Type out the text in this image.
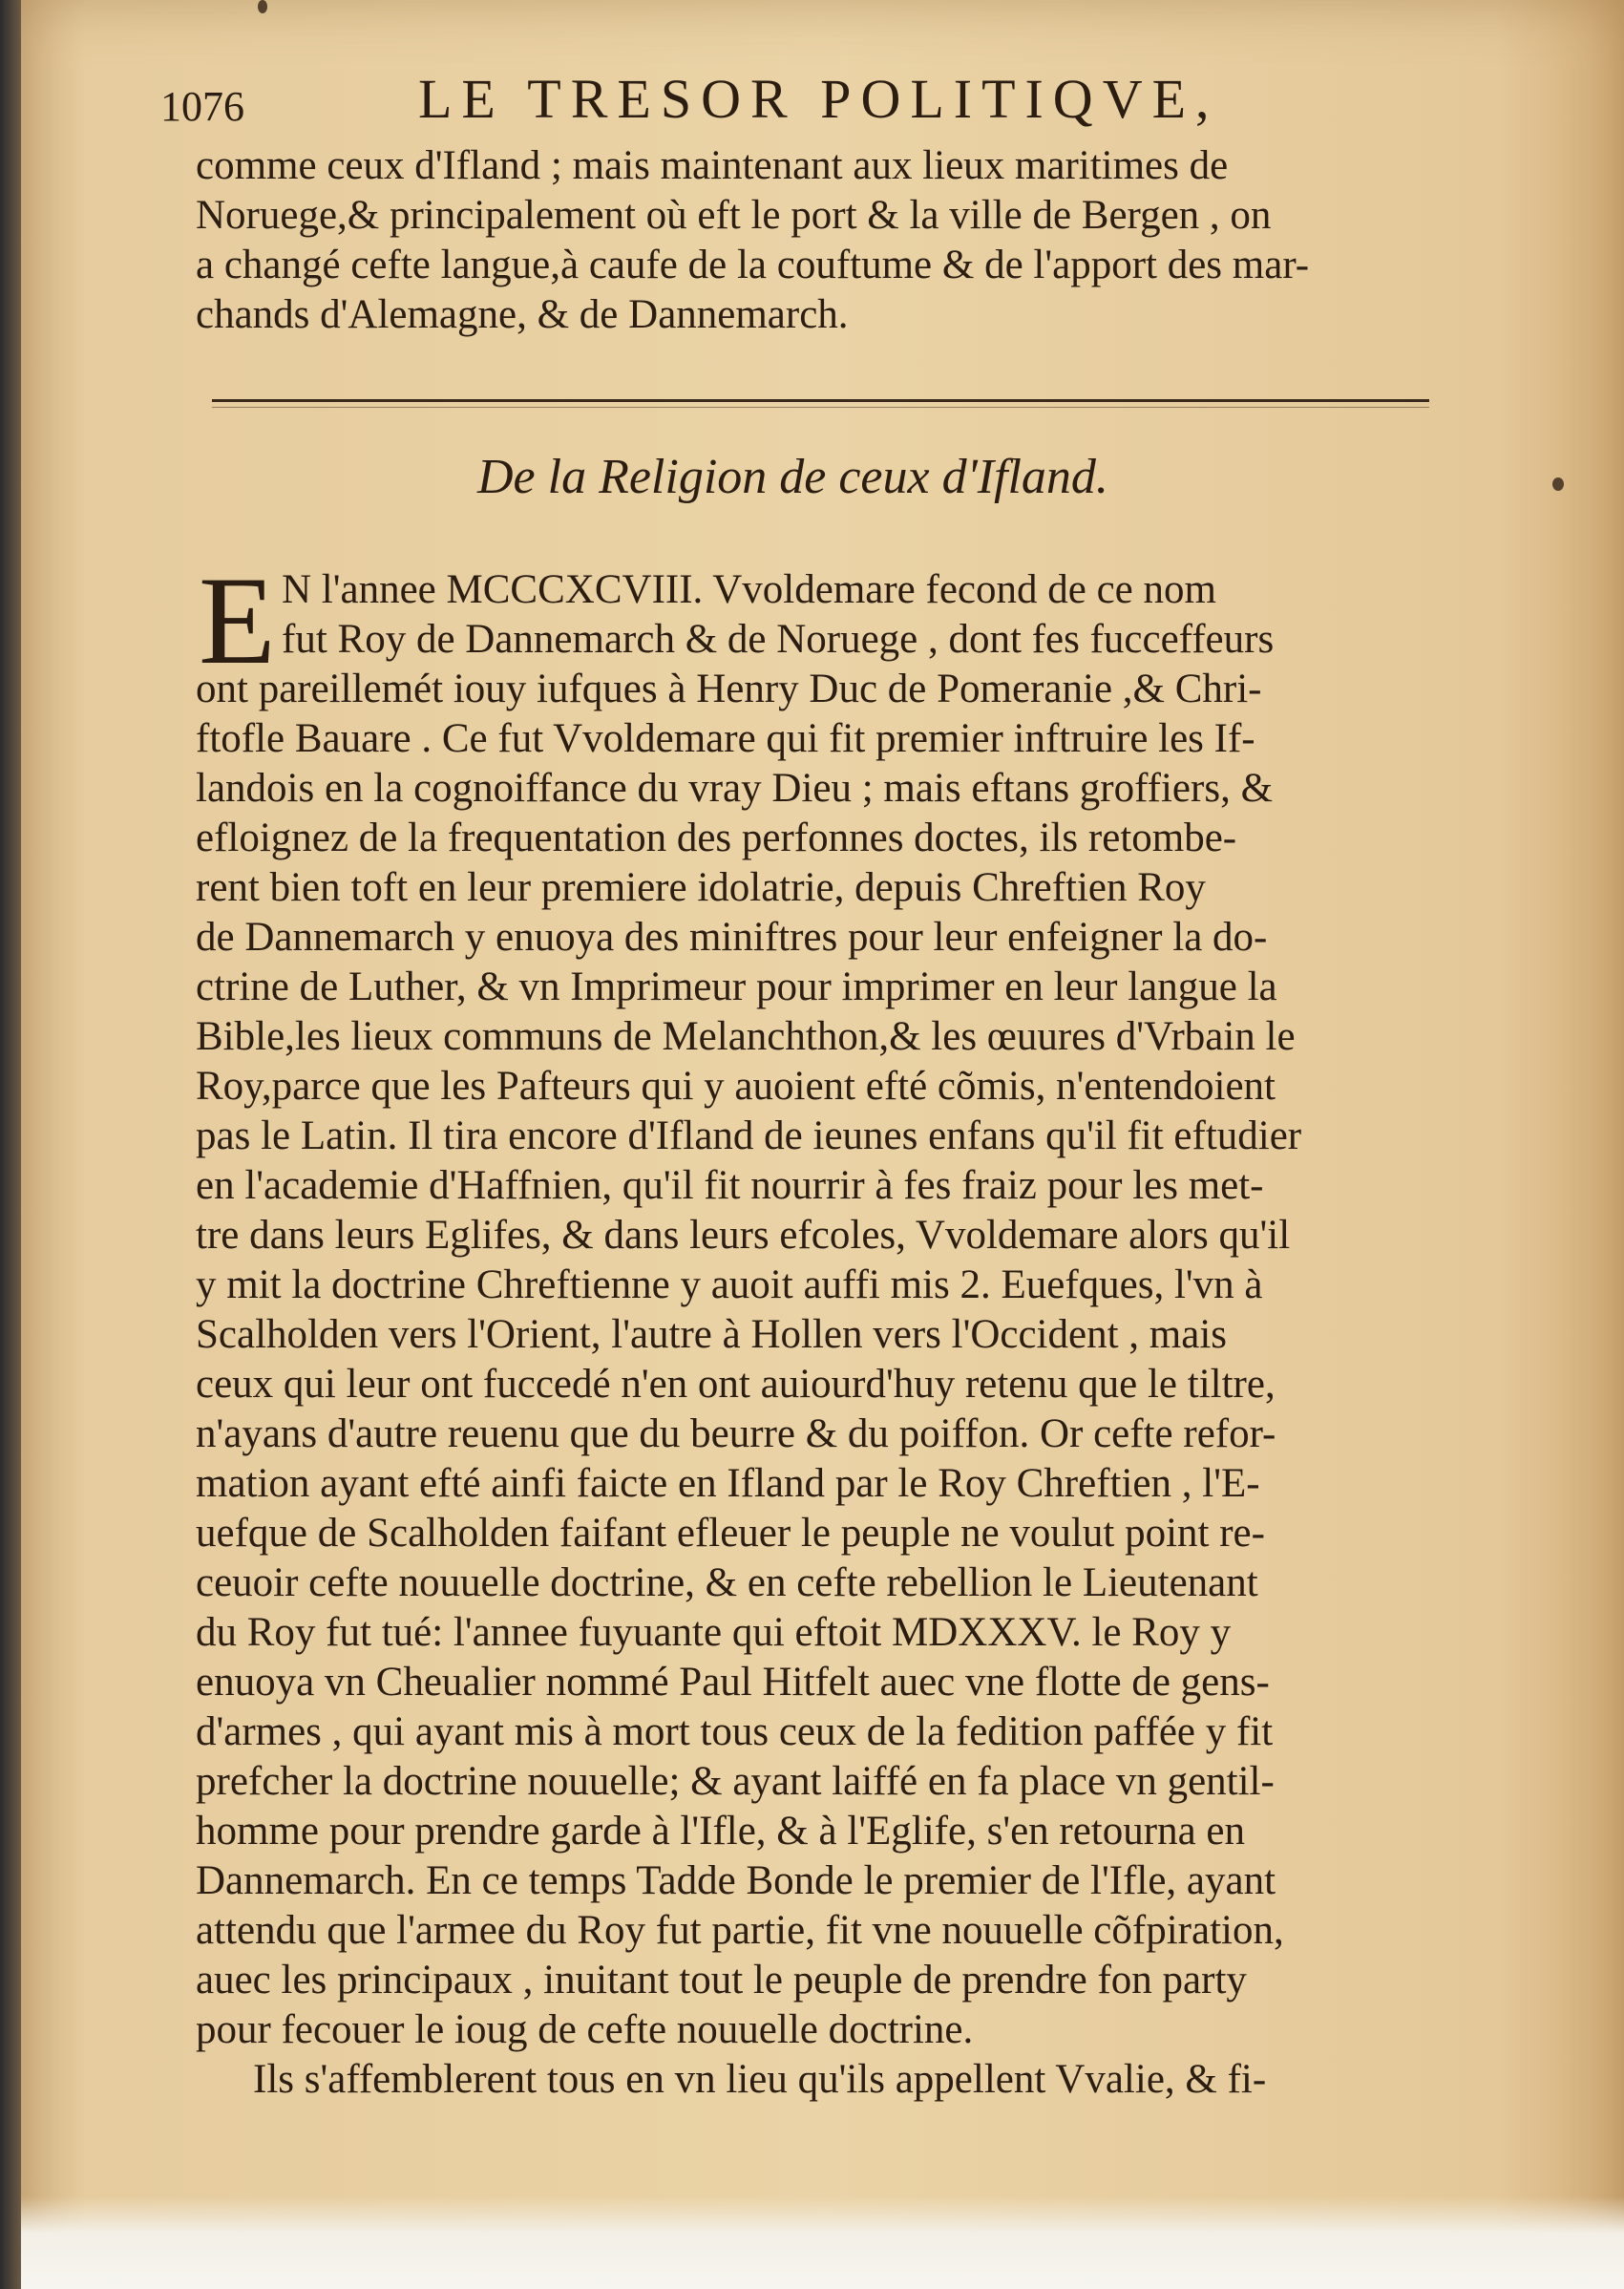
1076	LE TRESOR POLITIQVE,
comme ceux d'Ifland ; mais maintenant aux lieux maritimes de
Noruege,& principalement où eft le port & la ville de Bergen , on
a changé cefte langue,à caufe de la couftume & de l'apport des mar-
chands d'Alemagne, & de Dannemarch.
De la Religion de ceux d'Ifland.
E N l'annee MCCCXCVIII. Vvoldemare fecond de ce nom
fut Roy de Dannemarch & de Noruege , dont fes fucceffeurs
ont pareillemét iouy iufques à Henry Duc de Pomeranie ,& Chri-
ftofle Bauare . Ce fut Vvoldemare qui fit premier inftruire les If-
landois en la cognoiffance du vray Dieu ; mais eftans groffiers, &
efloignez de la frequentation des perfonnes doctes, ils retombe-
rent bien toft en leur premiere idolatrie, depuis Chreftien Roy
de Dannemarch y enuoya des miniftres pour leur enfeigner la do-
ctrine de Luther, & vn Imprimeur pour imprimer en leur langue la
Bible,les lieux communs de Melanchthon,& les œuures d'Vrbain le
Roy,parce que les Pafteurs qui y auoient efté cõmis, n'entendoient
pas le Latin. Il tira encore d'Ifland de ieunes enfans qu'il fit eftudier
en l'academie d'Haffnien, qu'il fit nourrir à fes fraiz pour les met-
tre dans leurs Eglifes, & dans leurs efcoles, Vvoldemare alors qu'il
y mit la doctrine Chreftienne y auoit auffi mis 2. Euefques, l'vn à
Scalholden vers l'Orient, l'autre à Hollen vers l'Occident , mais
ceux qui leur ont fuccedé n'en ont auiourd'huy retenu que le tiltre,
n'ayans d'autre reuenu que du beurre & du poiffon. Or cefte refor-
mation ayant efté ainfi faicte en Ifland par le Roy Chreftien , l'E-
uefque de Scalholden faifant efleuer le peuple ne voulut point re-
ceuoir cefte nouuelle doctrine, & en cefte rebellion le Lieutenant
du Roy fut tué: l'annee fuyuante qui eftoit MDXXXV. le Roy y
enuoya vn Cheualier nommé Paul Hitfelt auec vne flotte de gens-
d'armes , qui ayant mis à mort tous ceux de la fedition paffée y fit
prefcher la doctrine nouuelle; & ayant laiffé en fa place vn gentil-
homme pour prendre garde à l'Ifle, & à l'Eglife, s'en retourna en
Dannemarch. En ce temps Tadde Bonde le premier de l'Ifle, ayant
attendu que l'armee du Roy fut partie, fit vne nouuelle cõfpiration,
auec les principaux , inuitant tout le peuple de prendre fon party
pour fecouer le ioug de cefte nouuelle doctrine.
Ils s'affemblerent tous en vn lieu qu'ils appellent Vvalie, & fi-
